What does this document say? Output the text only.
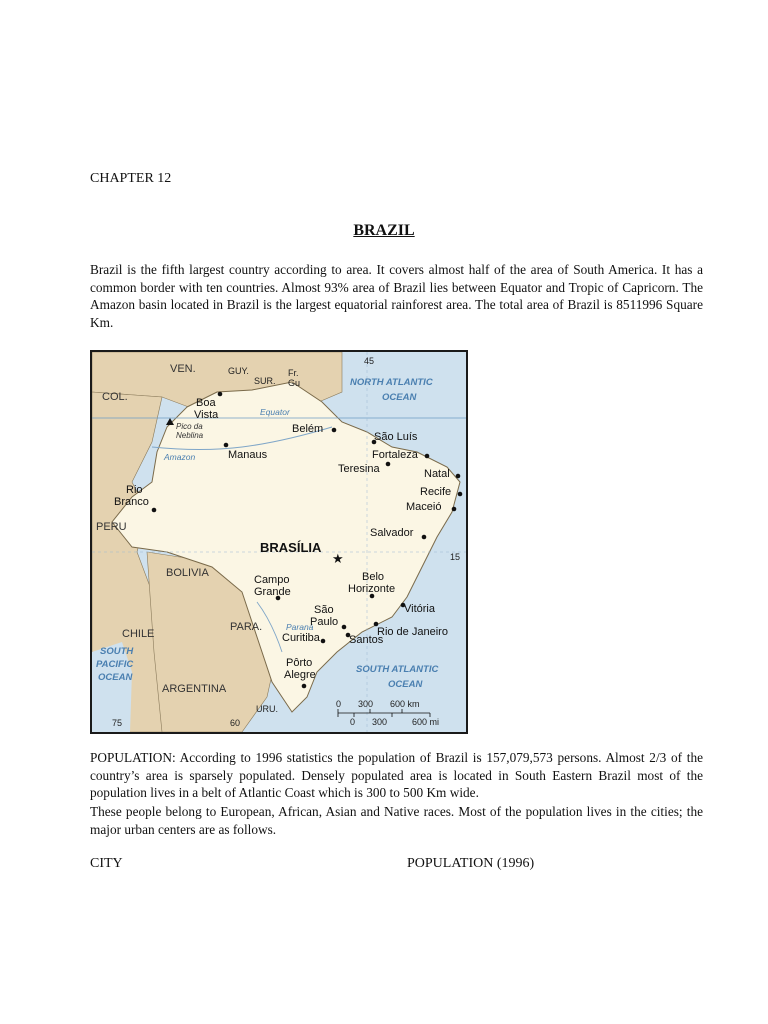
CHAPTER 12
BRAZIL

Brazil is the fifth largest country according to area. It covers almost half of the area of South America. It has a common border with ten countries. Almost 93% area of Brazil lies between Equator and Tropic of Capricorn. The Amazon basin located in Brazil is the largest equatorial rainforest area. The total area of Brazil is 8511996 Square Km.

NORTH ATLANTIC
OCEAN
SOUTH ATLANTIC
OCEAN
SOUTH
PACIFIC
OCEAN
VEN.	GUY.
SUR.
Fr.
Gu
COL.
PERU
BOLIVIA
CHILE
PARA.
ARGENTINA
URU.
Equator
Amazon
Paraná
45
15
75	60
★
Boa
Vista
Pico da
Neblina
Manaus
Belém
São Luís
Fortaleza
Teresina	Natal
Recife
Maceió
Salvador
Rio
Branco
BRASÍLIA
Campo
Grande
Belo
Horizonte
Vitória
São
Paulo
Rio de Janeiro
Santos
Curitiba
Pôrto
Alegre
0 300 600 km
0 300	600 mi

POPULATION: According to 1996 statistics the population of Brazil is 157,079,573 persons. Almost 2/3 of the country’s area is sparsely populated. Densely populated area is located in South Eastern Brazil most of the population lives in a belt of Atlantic Coast which is 300 to 500 Km wide.

These people belong to European, African, Asian and Native races. Most of the population lives in the cities; the major urban centers are as follows.

CITY	POPULATION (1996)
